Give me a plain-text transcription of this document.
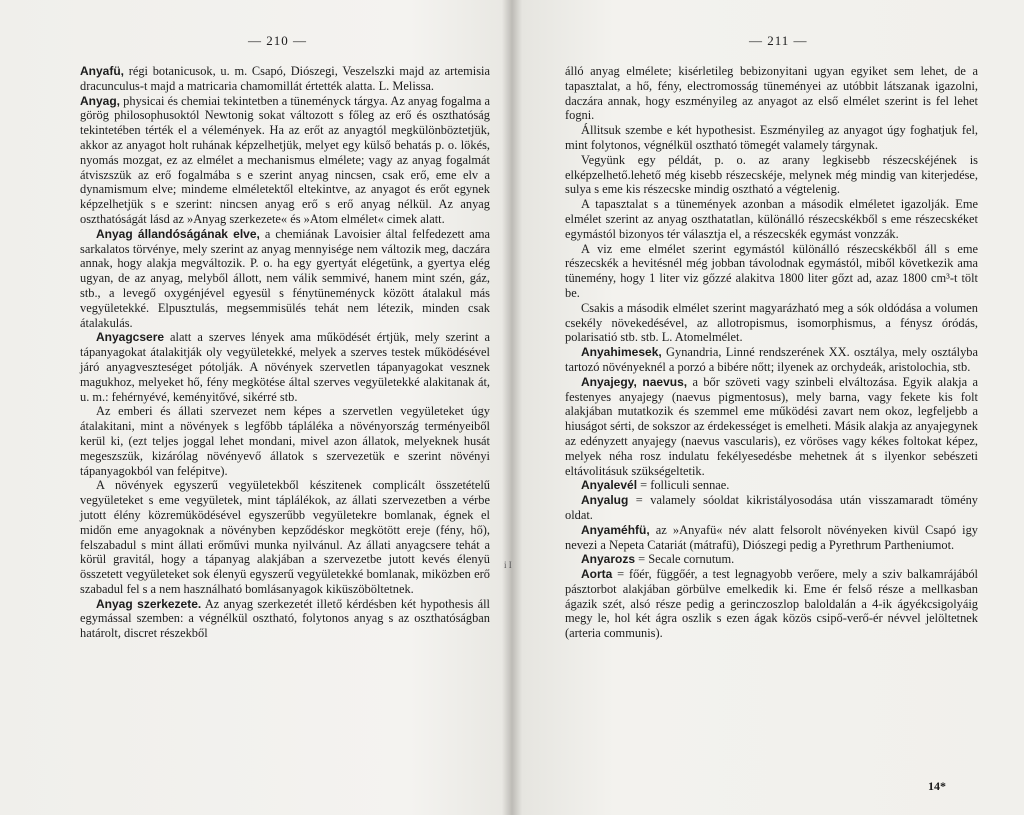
— 210 —

Anyafü, régi botanicusok, u. m. Csapó, Diószegi, Veszelszki majd az artemisia dracunculus-t majd a matricaria chamomillát értették alatta. L. Melissa.

Anyag, physicai és chemiai tekintetben a tüneményck tárgya. Az anyag fogalma a görög philosophusoktól Newtonig sokat változott s főleg az erő és oszthatóság tekintetében térték el a vélemények. Ha az erőt az anyagtól megkülönböztetjük, akkor az anyagot holt ruhának képzelhetjük, melyet egy külső behatás p. o. lökés, nyomás mozgat, ez az elmélet a mechanismus elmélete; vagy az anyag fogalmát átviszszük az erő fogalmába s e szerint anyag nincsen, csak erő, eme elv a dynamismum elve; mindeme elméletektől eltekintve, az anyagot és erőt egynek képzelhetjük s e szerint: nincsen anyag erő s erő anyag nélkül. Az anyag oszthatóságát lásd az »Anyag szerkezete« és »Atom elmélet« cimek alatt.

Anyag állandóságának elve, a chemiának Lavoisier által felfedezett ama sarkalatos törvénye, mely szerint az anyag mennyisége nem változik meg, daczára annak, hogy alakja megváltozik. P. o. ha egy gyertyát elégetünk, a gyertya elég ugyan, de az anyag, melyből állott, nem válik semmivé, hanem mint szén, gáz, stb., a levegő oxygénjével egyesül s fénytüneményck között átalakul más vegyületekké. Elpusztulás, megsemmisülés tehát nem létezik, minden csak átalakulás.

Anyagcsere alatt a szerves lények ama működését értjük, mely szerint a tápanyagokat átalakitják oly vegyületekké, melyek a szerves testek működésével járó anyagveszteséget pótolják. A növények szervetlen tápanyagokat vesznek magukhoz, melyeket hő, fény megkötése által szerves vegyületekké alakitanak át, u. m.: fehérnyévé, keményitővé, sikérré stb.

Az emberi és állati szervezet nem képes a szervetlen vegyületeket úgy átalakitani, mint a növények s legfőbb tápláléka a növényország terményeiből kerül ki, (ezt teljes joggal lehet mondani, mivel azon állatok, melyeknek husát megeszszük, kizárólag növényevő állatok s szervezetük e szerint növényi tápanyagokból van felépitve).

A növények egyszerű vegyületekből készitenek complicált összetételű vegyületeket s eme vegyületek, mint táplálékok, az állati szervezetben a vérbe jutott élény közremüködésével egyszerűbb vegyületekre bomlanak, égnek el midőn eme anyagoknak a növényben kepződéskor megkötött ereje (fény, hő), felszabadul s mint állati erőművi munka nyilvánul. Az állati anyagcsere tehát a körül gravitál, hogy a tápanyag alakjában a szervezetbe jutott kevés élenyü összetett vegyületeket sok élenyü egyszerű vegyületekké bomlanak, miközben erő szabadul fel s a nem használható bomlásanyagok kiküszöböltetnek.

Anyag szerkezete. Az anyag szerkezetét illető kérdésben két hypothesis áll egymással szemben: a végnélkül osztható, folytonos anyag s az oszthatóságban határolt, discret részekből

i I
— 211 —

álló anyag elmélete; kisérletileg bebizonyitani ugyan egyiket sem lehet, de a tapasztalat, a hő, fény, electromosság tüneményei az utóbbit látszanak igazolni, daczára annak, hogy eszményileg az anyagot az első elmélet szerint is fel lehet fogni.

Állitsuk szembe e két hypothesist. Eszményileg az anyagot úgy foghatjuk fel, mint folytonos, végnélkül osztható tömegét valamely tárgynak.

Vegyünk egy példát, p. o. az arany legkisebb részecskéjének is elképzelhető.lehető még kisebb részecskéje, melynek még mindig van kiterjedése, sulya s eme kis részecske mindig osztható a végtelenig.

A tapasztalat s a tünemények azonban a második elméletet igazolják. Eme elmélet szerint az anyag oszthatatlan, különálló részecskékből s eme részecskéket egymástól bizonyos tér választja el, a részecskék egymást vonzzák.

A viz eme elmélet szerint egymástól különálló részecskékből áll s eme részecskék a hevitésnél még jobban távolodnak egymástól, miből következik ama tünemény, hogy 1 liter viz gőzzé alakitva 1800 liter gőzt ad, azaz 1800 cm³-t tölt be.

Csakis a második elmélet szerint magyarázható meg a sók oldódása a volumen csekély növekedésével, az allotropismus, isomorphismus, a fénysz óródás, polarisatió stb. stb. L. Atomelmélet.

Anyahimesek, Gynandria, Linné rendszerének XX. osztálya, mely osztályba tartozó növényeknél a porzó a bibére nőtt; ilyenek az orchydeák, aristolochia, stb.

Anyajegy, naevus, a bőr szöveti vagy szinbeli elváltozása. Egyik alakja a festenyes anyajegy (naevus pigmentosus), mely barna, vagy fekete kis folt alakjában mutatkozik és szemmel eme működési zavart nem okoz, legfeljebb a hiuságot sérti, de sokszor az érdekességet is emelheti. Másik alakja az anyajegynek az edényzett anyajegy (naevus vascularis), ez vöröses vagy kékes foltokat képez, melyek néha rosz indulatu fekélyesedésbe mehetnek át s ilyenkor sebészeti eltávolitásuk szükségeltetik.

Anyalevél = folliculi sennae.

Anyalug = valamely sóoldat kikristályosodása után visszamaradt tömény oldat.

Anyaméhfü, az »Anyafü« név alatt felsorolt növényeken kivül Csapó igy nevezi a Nepeta Catariát (mátrafü), Diószegi pedig a Pyrethrum Partheniumot.

Anyarozs = Secale cornutum.

Aorta = főér, függőér, a test legnagyobb verőere, mely a sziv balkamrájából pásztorbot alakjában görbülve emelkedik ki. Eme ér felső része a mellkasban ágazik szét, alsó része pedig a gerinczoszlop baloldalán a 4-ik ágyékcsigolyáig megy le, hol két ágra oszlik s ezen ágak közös csipő-verő-ér névvel jelöltetnek (arteria communis).

14*
